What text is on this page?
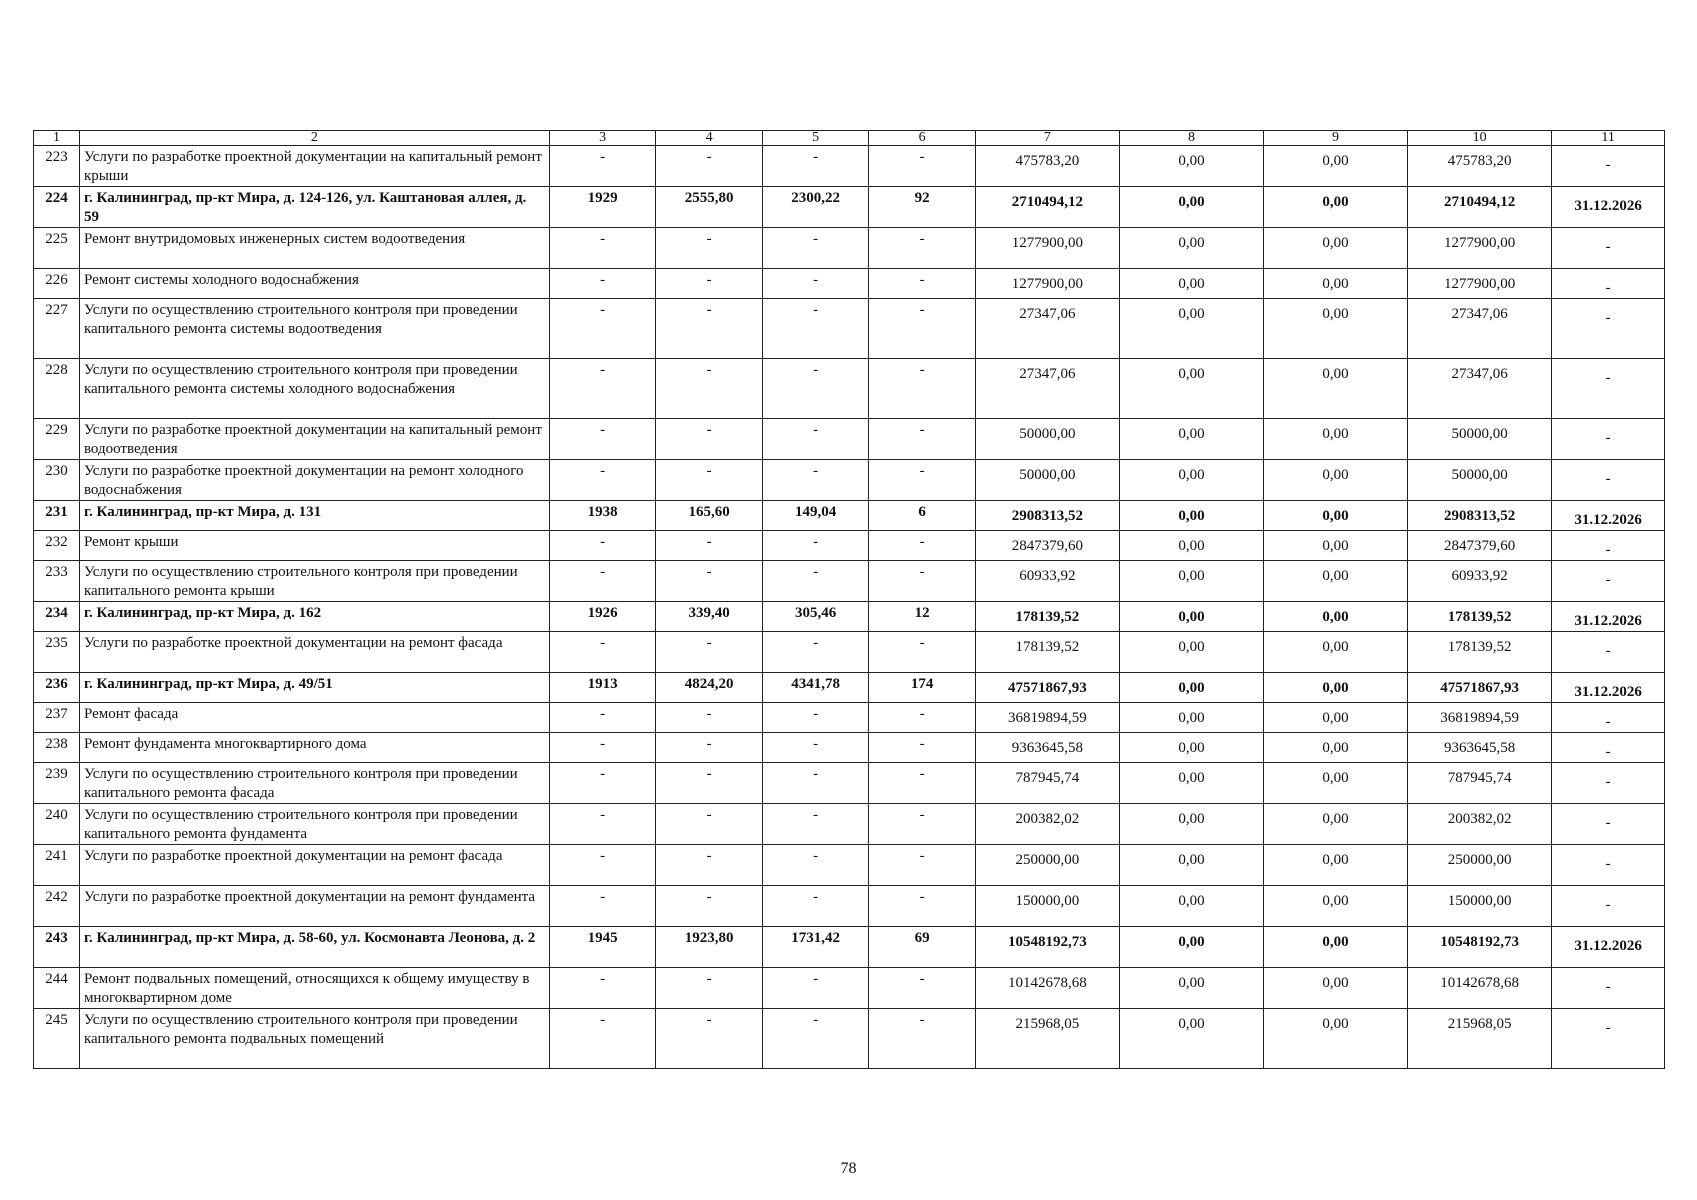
1	2	3	4	5	6	7	8	9	10	11
223	Услуги по разработке проектной документации на капитальный ремонт крыши	-	-	-	-	475783,20	0,00	0,00	475783,20	-
224	г. Калининград, пр-кт Мира, д. 124-126, ул. Каштановая аллея, д. 59	1929	2555,80	2300,22	92	2710494,12	0,00	0,00	2710494,12	31.12.2026
225	Ремонт внутридомовых инженерных систем водоотведения	-	-	-	-	1277900,00	0,00	0,00	1277900,00	-
226	Ремонт системы холодного водоснабжения	-	-	-	-	1277900,00	0,00	0,00	1277900,00	-
227	Услуги по осуществлению строительного контроля при проведении капитального ремонта системы водоотведения	-	-	-	-	27347,06	0,00	0,00	27347,06	-
228	Услуги по осуществлению строительного контроля при проведении капитального ремонта системы холодного водоснабжения	-	-	-	-	27347,06	0,00	0,00	27347,06	-
229	Услуги по разработке проектной документации на капитальный ремонт водоотведения	-	-	-	-	50000,00	0,00	0,00	50000,00	-
230	Услуги по разработке проектной документации на ремонт холодного водоснабжения	-	-	-	-	50000,00	0,00	0,00	50000,00	-
231	г. Калининград, пр-кт Мира, д. 131	1938	165,60	149,04	6	2908313,52	0,00	0,00	2908313,52	31.12.2026
232	Ремонт крыши	-	-	-	-	2847379,60	0,00	0,00	2847379,60	-
233	Услуги по осуществлению строительного контроля при проведении капитального ремонта крыши	-	-	-	-	60933,92	0,00	0,00	60933,92	-
234	г. Калининград, пр-кт Мира, д. 162	1926	339,40	305,46	12	178139,52	0,00	0,00	178139,52	31.12.2026
235	Услуги по разработке проектной документации на ремонт фасада	-	-	-	-	178139,52	0,00	0,00	178139,52	-
236	г. Калининград, пр-кт Мира, д. 49/51	1913	4824,20	4341,78	174	47571867,93	0,00	0,00	47571867,93	31.12.2026
237	Ремонт фасада	-	-	-	-	36819894,59	0,00	0,00	36819894,59	-
238	Ремонт фундамента многоквартирного дома	-	-	-	-	9363645,58	0,00	0,00	9363645,58	-
239	Услуги по осуществлению строительного контроля при проведении капитального ремонта фасада	-	-	-	-	787945,74	0,00	0,00	787945,74	-
240	Услуги по осуществлению строительного контроля при проведении капитального ремонта фундамента	-	-	-	-	200382,02	0,00	0,00	200382,02	-
241	Услуги по разработке проектной документации на ремонт фасада	-	-	-	-	250000,00	0,00	0,00	250000,00	-
242	Услуги по разработке проектной документации на ремонт фундамента	-	-	-	-	150000,00	0,00	0,00	150000,00	-
243	г. Калининград, пр-кт Мира, д. 58-60, ул. Космонавта Леонова, д. 2	1945	1923,80	1731,42	69	10548192,73	0,00	0,00	10548192,73	31.12.2026
244	Ремонт подвальных помещений, относящихся к общему имуществу в многоквартирном доме	-	-	-	-	10142678,68	0,00	0,00	10142678,68	-
245	Услуги по осуществлению строительного контроля при проведении капитального ремонта подвальных помещений	-	-	-	-	215968,05	0,00	0,00	215968,05	-
78
